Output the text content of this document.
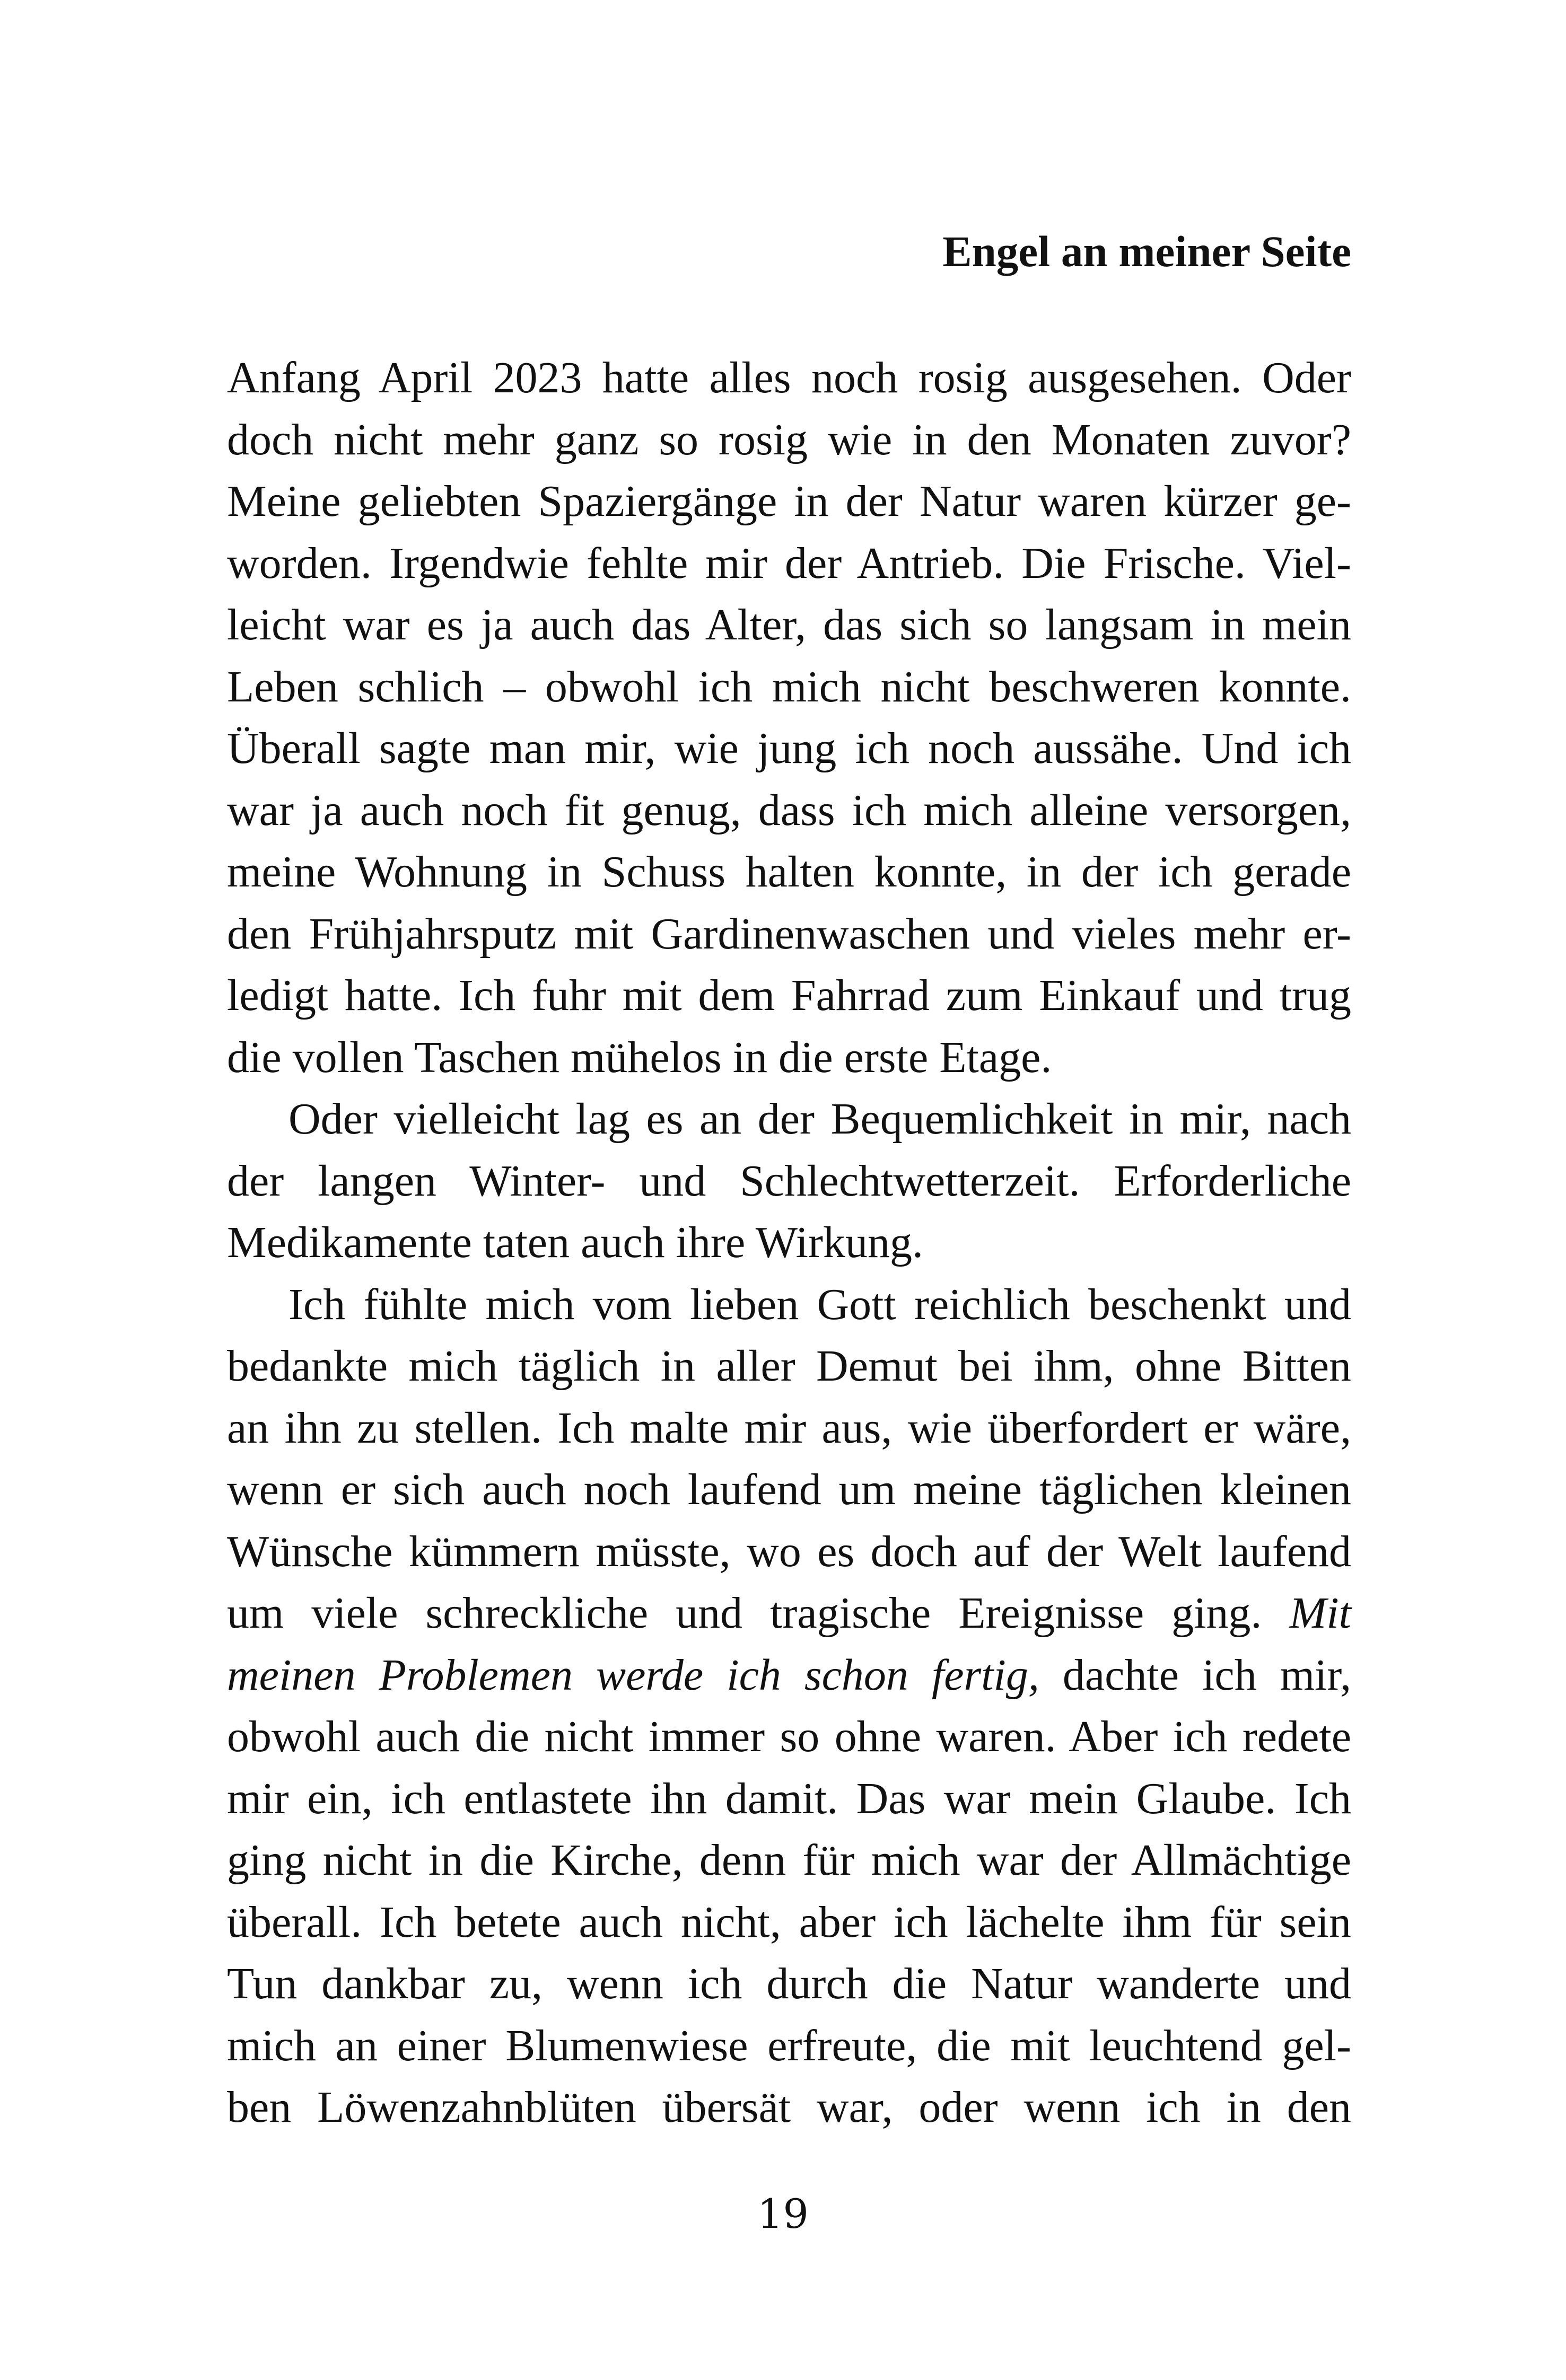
Engel an meiner Seite
Anfang April 2023 hatte alles noch rosig ausgesehen. Oder
doch nicht mehr ganz so rosig wie in den Monaten zuvor?
Meine geliebten Spaziergänge in der Natur waren kürzer ge-
worden. Irgendwie fehlte mir der Antrieb. Die Frische. Viel-
leicht war es ja auch das Alter, das sich so langsam in mein
Leben schlich – obwohl ich mich nicht beschweren konnte.
Überall sagte man mir, wie jung ich noch aussähe. Und ich
war ja auch noch fit genug, dass ich mich alleine versorgen,
meine Wohnung in Schuss halten konnte, in der ich gerade
den Frühjahrsputz mit Gardinenwaschen und vieles mehr er-
ledigt hatte. Ich fuhr mit dem Fahrrad zum Einkauf und trug
die vollen Taschen mühelos in die erste Etage.
Oder vielleicht lag es an der Bequemlichkeit in mir, nach
der langen Winter- und Schlechtwetterzeit. Erforderliche
Medikamente taten auch ihre Wirkung.
Ich fühlte mich vom lieben Gott reichlich beschenkt und
bedankte mich täglich in aller Demut bei ihm, ohne Bitten
an ihn zu stellen. Ich malte mir aus, wie überfordert er wäre,
wenn er sich auch noch laufend um meine täglichen kleinen
Wünsche kümmern müsste, wo es doch auf der Welt laufend
um viele schreckliche und tragische Ereignisse ging. Mit
meinen Problemen werde ich schon fertig, dachte ich mir,
obwohl auch die nicht immer so ohne waren. Aber ich redete
mir ein, ich entlastete ihn damit. Das war mein Glaube. Ich
ging nicht in die Kirche, denn für mich war der Allmächtige
überall. Ich betete auch nicht, aber ich lächelte ihm für sein
Tun dankbar zu, wenn ich durch die Natur wanderte und
mich an einer Blumenwiese erfreute, die mit leuchtend gel-
ben Löwenzahnblüten übersät war, oder wenn ich in den
19
